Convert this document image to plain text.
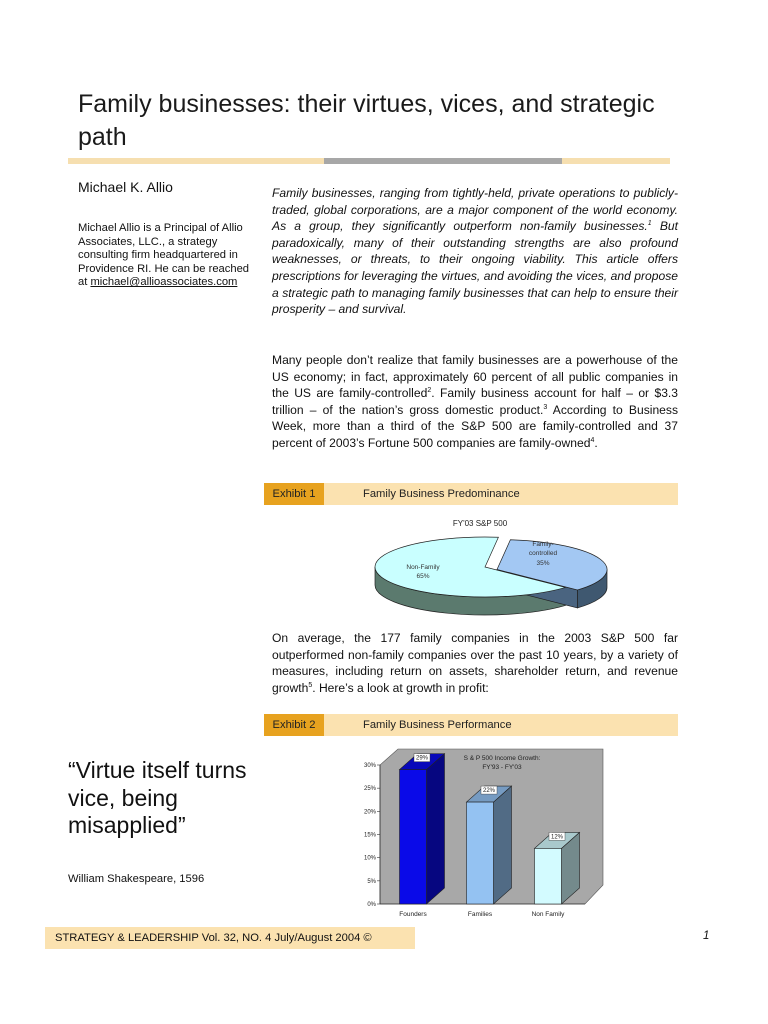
Family businesses: their virtues, vices, and strategic path
Michael K. Allio
Michael Allio is a Principal of Allio Associates, LLC., a strategy consulting firm headquartered in Providence RI. He can be reached at michael@allioassociates.com
Family businesses, ranging from tightly-held, private operations to publicly-traded, global corporations, are a major component of the world economy. As a group, they significantly outperform non-family businesses.$^1$ But paradoxically, many of their outstanding strengths are also profound weaknesses, or threats, to their ongoing viability. This article offers prescriptions for leveraging the virtues, and avoiding the vices, and propose a strategic path to managing family businesses that can help to ensure their prosperity – and survival.
Many people don’t realize that family businesses are a powerhouse of the US economy; in fact, approximately 60 percent of all public companies in the US are family-controlled$^2$. Family business account for half – or $3.3 trillion – of the nation’s gross domestic product.$^3$ According to Business Week, more than a third of the S&P 500 are family-controlled and 37 percent of 2003’s Fortune 500 companies are family-owned$^4$.
Exhibit 1	Family Business Predominance
FY'03 S&P 500
Non-Family
65%
Family-
controlled
35%
On average, the 177 family companies in the 2003 S&P 500 far outperformed non-family companies over the past 10 years, by a variety of measures, including return on assets, shareholder return, and revenue growth$^5$. Here’s a look at growth in profit:
Exhibit 2	Family Business Performance
S & P 500 Income Growth:
FY'93 - FY'03
0%
5%
10%
15%
20%
25%
30%
29%
Founders
22%
Families
12%
Non Family
“Virtue itself turns vice, being misapplied”
William Shakespeare, 1596
STRATEGY & LEADERSHIP Vol. 32, NO. 4 July/August 2004 ©	1
